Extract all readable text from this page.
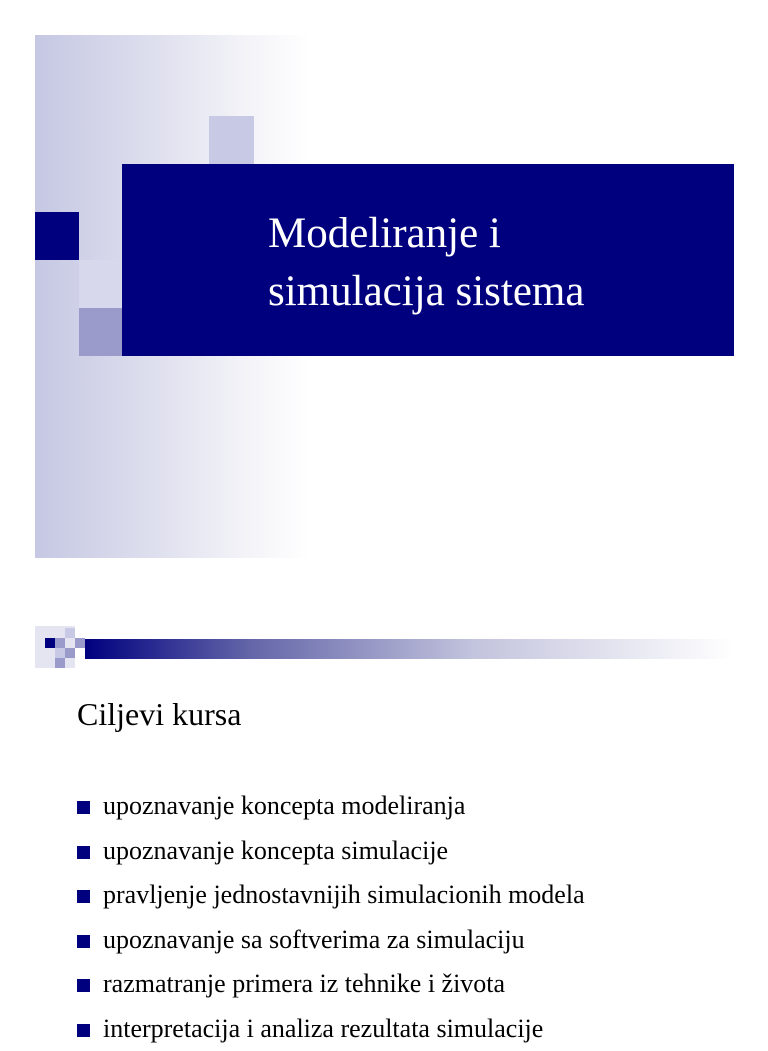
Modeliranje i
simulacija sistema
Ciljevi kursa
upoznavanje koncepta modeliranja
upoznavanje koncepta simulacije
pravljenje jednostavnijih simulacionih modela
upoznavanje sa softverima za simulaciju
razmatranje primera iz tehnike i života
interpretacija i analiza rezultata simulacije
